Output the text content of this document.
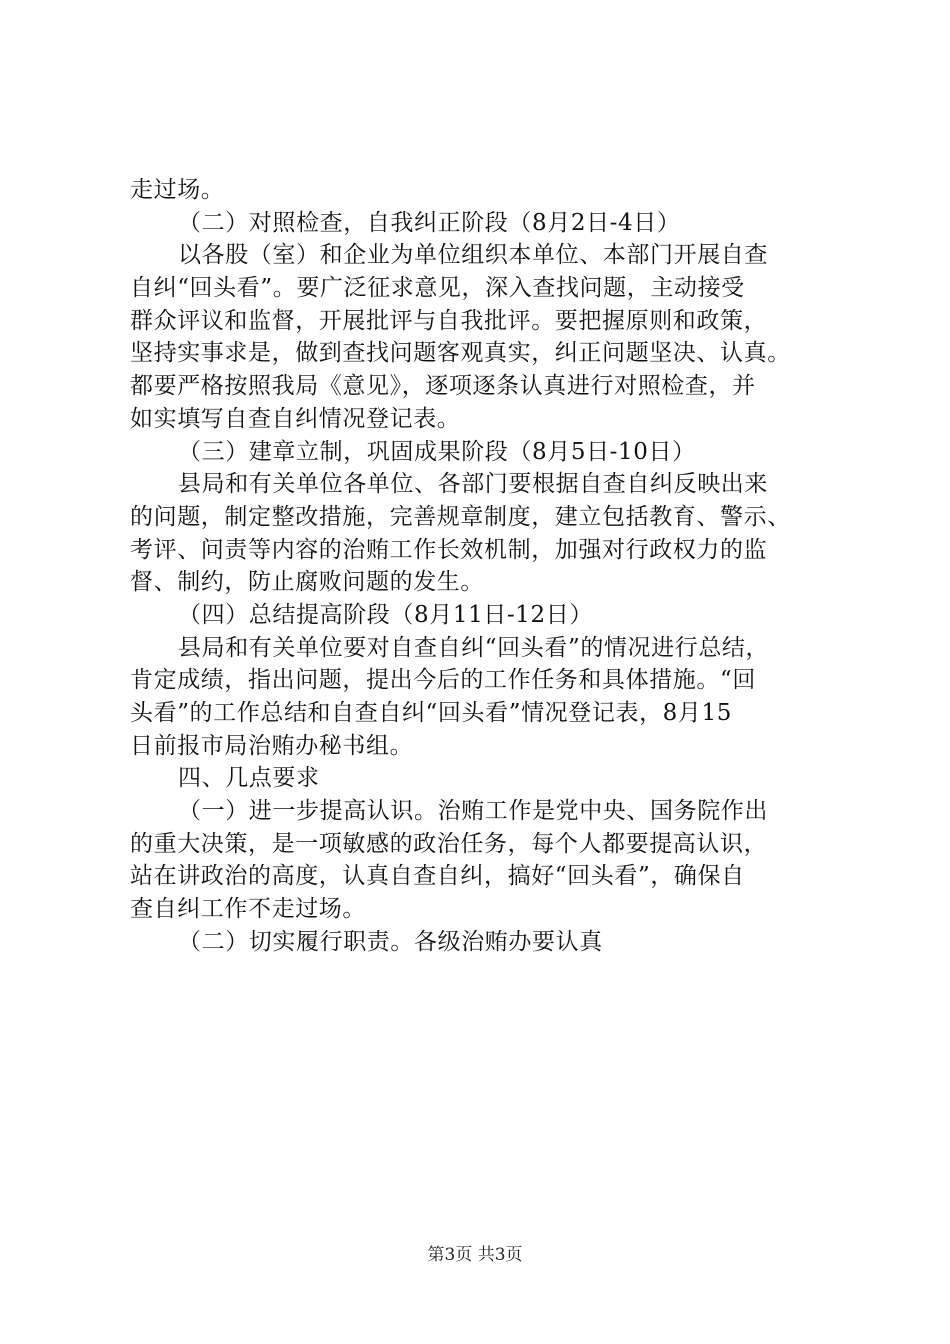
走过场。
（二）对照检查，自我纠正阶段（8月2日-4日）
以各股（室）和企业为单位组织本单位、本部门开展自查
自纠“回头看”。要广泛征求意见，深入查找问题，主动接受
群众评议和监督，开展批评与自我批评。要把握原则和政策，
坚持实事求是，做到查找问题客观真实，纠正问题坚决、认真。
都要严格按照我局《意见》，逐项逐条认真进行对照检查，并
如实填写自查自纠情况登记表。
（三）建章立制，巩固成果阶段（8月5日-10日）
县局和有关单位各单位、各部门要根据自查自纠反映出来
的问题，制定整改措施，完善规章制度，建立包括教育、警示、
考评、问责等内容的治贿工作长效机制，加强对行政权力的监
督、制约，防止腐败问题的发生。
（四）总结提高阶段（8月11日-12日）
县局和有关单位要对自查自纠“回头看”的情况进行总结，
肯定成绩，指出问题，提出今后的工作任务和具体措施。“回
头看”的工作总结和自查自纠“回头看”情况登记表，8月15
日前报市局治贿办秘书组。
四、几点要求
（一）进一步提高认识。治贿工作是党中央、国务院作出
的重大决策，是一项敏感的政治任务，每个人都要提高认识，
站在讲政治的高度，认真自查自纠，搞好“回头看”，确保自
查自纠工作不走过场。
（二）切实履行职责。各级治贿办要认真
第3页 共3页
